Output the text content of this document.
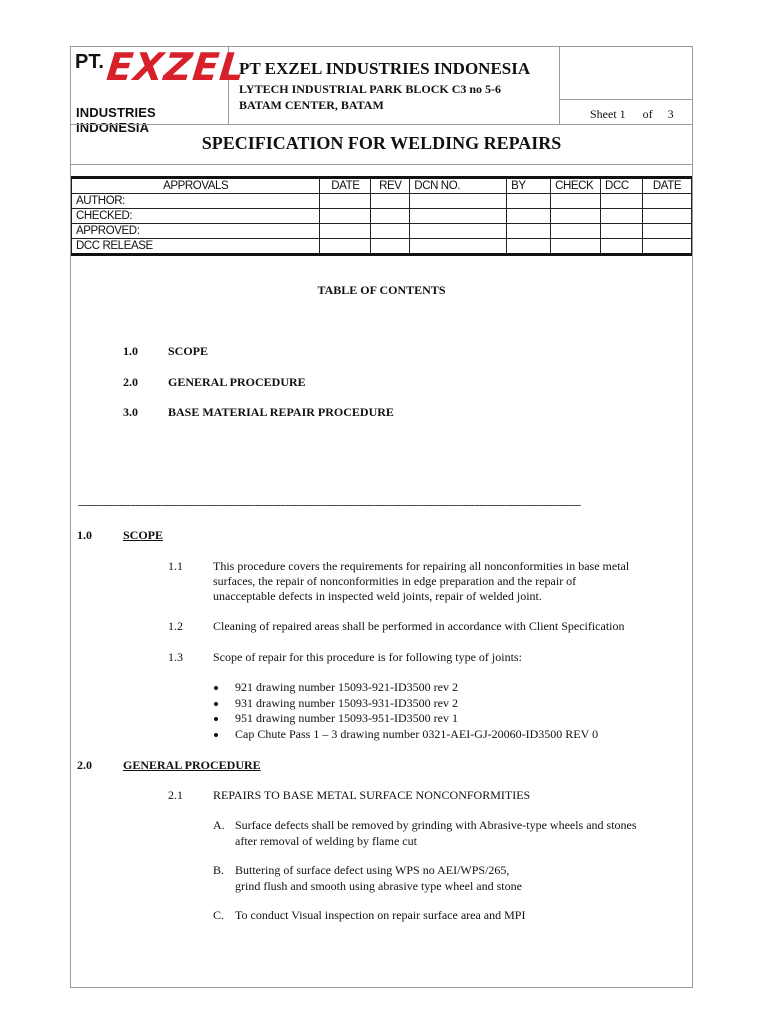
PT. EXZEL
INDUSTRIES INDONESIA
PT EXZEL INDUSTRIES INDONESIA
LYTECH INDUSTRIAL PARK BLOCK C3 no 5-6
BATAM CENTER, BATAM
Sheet 1 of 3
SPECIFICATION FOR WELDING REPAIRS
APPROVALS	DATE	REV	DCN NO.	BY	CHECK	DCC	DATE
AUTHOR:							
CHECKED:							
APPROVED:							
DCC RELEASE							
TABLE OF CONTENTS
1.0	SCOPE
2.0	GENERAL PROCEDURE
3.0	BASE MATERIAL REPAIR PROCEDURE
----------------------------------------------------------------------------------------------------------------------------------------------------------------------------------------
1.0	SCOPE
1.1	This procedure covers the requirements for repairing all nonconformities in base metal
surfaces, the repair of nonconformities in edge preparation and the repair of
unacceptable defects in inspected weld joints, repair of welded joint.
1.2	Cleaning of repaired areas shall be performed in accordance with Client Specification
1.3	Scope of repair for this procedure is for following type of joints:
921 drawing number 15093-921-ID3500 rev 2
931 drawing number 15093-931-ID3500 rev 2
951 drawing number 15093-951-ID3500 rev 1
Cap Chute Pass 1 – 3 drawing number 0321-AEI-GJ-20060-ID3500 REV 0
2.0	GENERAL PROCEDURE
2.1	REPAIRS TO BASE METAL SURFACE NONCONFORMITIES
A. Surface defects shall be removed by grinding with Abrasive-type wheels and stones
after removal of welding by flame cut
B. Buttering of surface defect using WPS no AEI/WPS/265,
grind flush and smooth using abrasive type wheel and stone
C. To conduct Visual inspection on repair surface area and MPI
